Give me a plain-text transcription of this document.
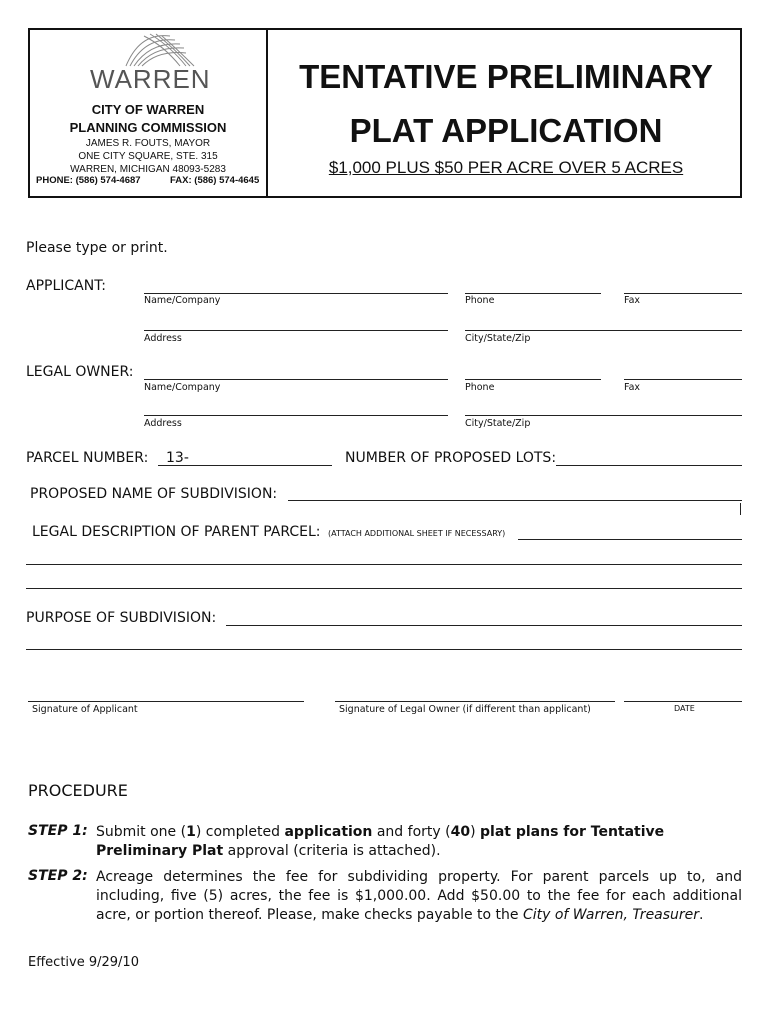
WARREN
CITY OF WARREN
PLANNING COMMISSION
JAMES R. FOUTS, MAYOR
ONE CITY SQUARE, STE. 315
WARREN, MICHIGAN 48093-5283
PHONE: (586) 574-4687	FAX: (586) 574-4645
TENTATIVE PRELIMINARY
PLAT APPLICATION
$1,000 PLUS $50 PER ACRE OVER 5 ACRES
Please type or print.
APPLICANT:
Name/Company	Phone	Fax
Address	City/State/Zip
LEGAL OWNER:
Name/Company	Phone	Fax
Address	City/State/Zip
PARCEL NUMBER: 13-	NUMBER OF PROPOSED LOTS:
PROPOSED NAME OF SUBDIVISION:
LEGAL DESCRIPTION OF PARENT PARCEL: (ATTACH ADDITIONAL SHEET IF NECESSARY)
PURPOSE OF SUBDIVISION:
Signature of Applicant	Signature of Legal Owner (if different than applicant)	DATE
PROCEDURE
STEP 1: Submit one (1) completed application and forty (40) plat plans for Tentative Preliminary Plat approval (criteria is attached).
STEP 2: Acreage determines the fee for subdividing property. For parent parcels up to, and including, five (5) acres, the fee is $1,000.00. Add $50.00 to the fee for each additional acre, or portion thereof. Please, make checks payable to the City of Warren, Treasurer.
Effective 9/29/10
